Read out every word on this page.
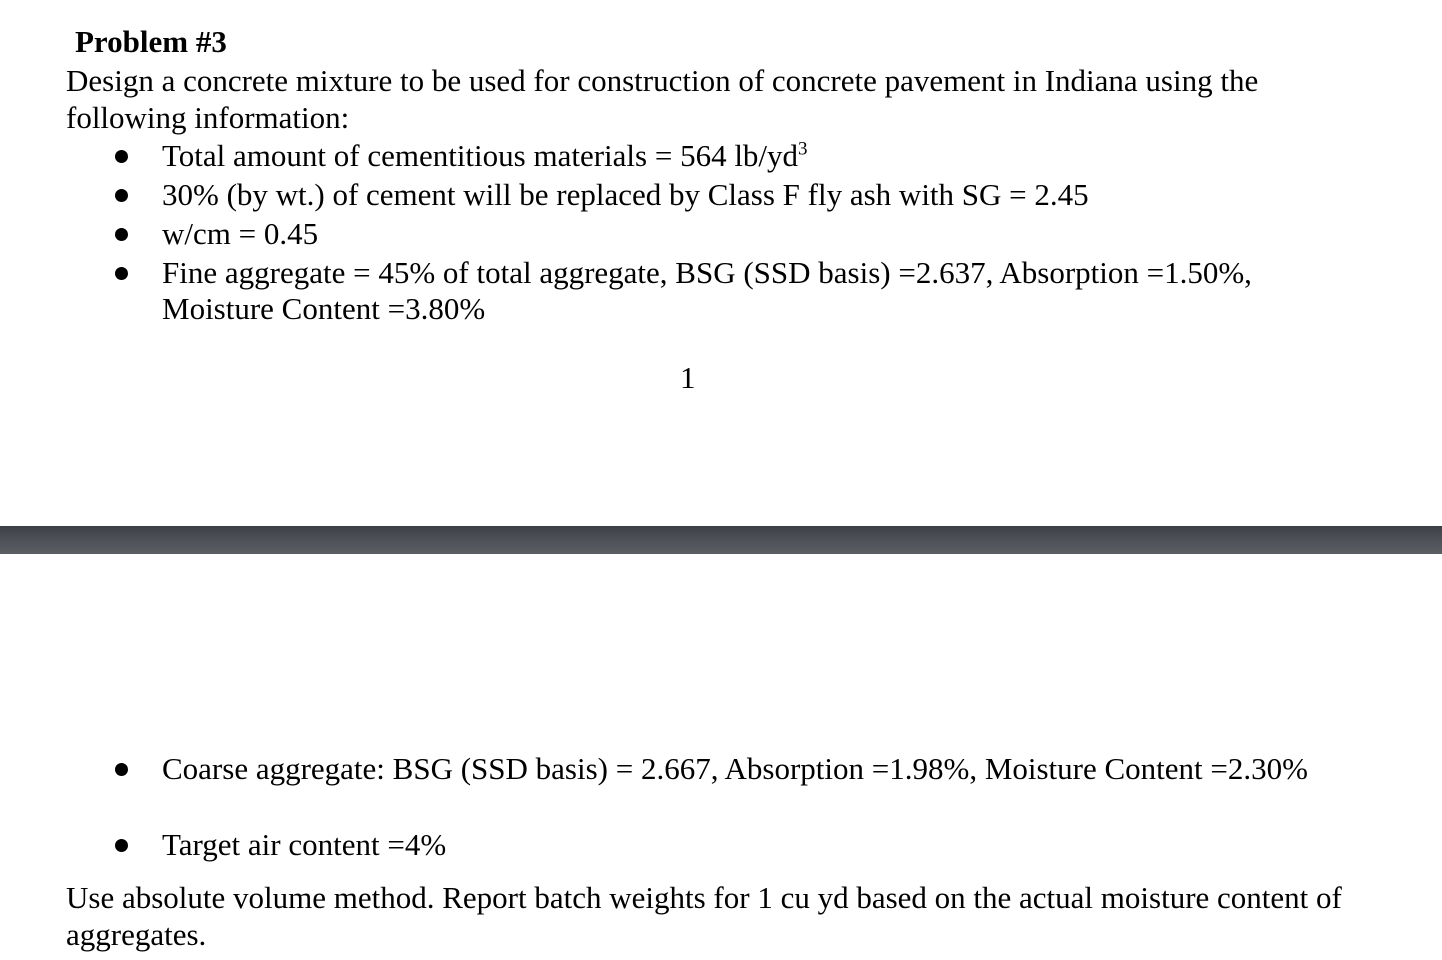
Problem #3
Design a concrete mixture to be used for construction of concrete pavement in Indiana using the following information:
Total amount of cementitious materials = 564 $lb/yd^3$
30% (by wt.) of cement will be replaced by Class F fly ash with SG = 2.45
w/cm = 0.45
Fine aggregate = 45% of total aggregate, BSG (SSD basis) =2.637, Absorption =1.50%, Moisture Content =3.80%
1
Coarse aggregate: BSG (SSD basis) = 2.667, Absorption =1.98%, Moisture Content =2.30%
Target air content =4%
Use absolute volume method. Report batch weights for 1 cu yd based on the actual moisture content of aggregates.
